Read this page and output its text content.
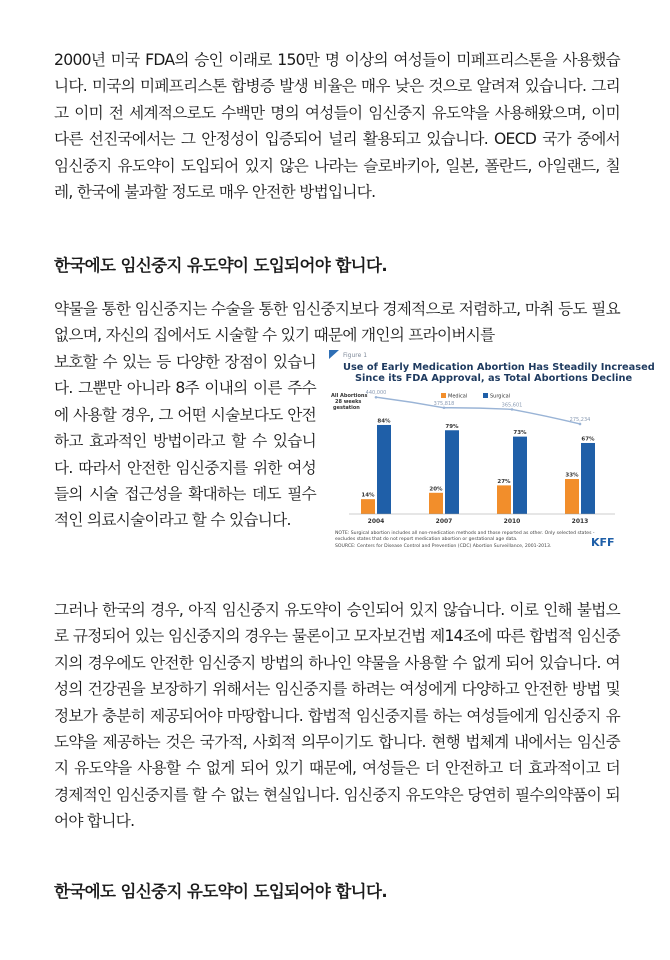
2000년 미국 FDA의 승인 이래로 150만 명 이상의 여성들이 미페프리스톤을 사용했습니다. 미국의 미페프리스톤 합병증 발생 비율은 매우 낮은 것으로 알려져 있습니다. 그리고 이미 전 세계적으로도 수백만 명의 여성들이 임신중지 유도약을 사용해왔으며, 이미 다른 선진국에서는 그 안정성이 입증되어 널리 활용되고 있습니다. OECD 국가 중에서 임신중지 유도약이 도입되어 있지 않은 나라는 슬로바키아, 일본, 폴란드, 아일랜드, 칠레, 한국에 불과할 정도로 매우 안전한 방법입니다.

한국에도 임신중지 유도약이 도입되어야 합니다.

약물을 통한 임신중지는 수술을 통한 임신중지보다 경제적으로 저렴하고, 마취 등도 필요 없으며, 자신의 집에서도 시술할 수 있기 때문에 개인의 프라이버시를

보호할 수 있는 등 다양한 장점이 있습니다. 그뿐만 아니라 8주 이내의 이른 주수에 사용할 경우, 그 어떤 시술보다도 안전하고 효과적인 방법이라고 할 수 있습니다. 따라서 안전한 임신중지를 위한 여성들의 시술 접근성을 확대하는 데도 필수적인 의료시술이라고 할 수 있습니다.

Figure 1
Use of Early Medication Abortion Has Steadily Increased
Since its FDA Approval, as Total Abortions Decline
All Abortions
28 weeks
gestation
Medical	Surgical
14%
84%
20%
79%
27%
73%
33%
67%
440,000
375,818	365,601
275,234
2004	2007	2010	2013
NOTE: Surgical abortion includes all non-medication methods and those reported as other. Only selected states -
excludes states that do not report medication abortion or gestational age data.
SOURCE: Centers for Disease Control and Prevention (CDC) Abortion Surveillance, 2001-2013.	KFF

그러나 한국의 경우, 아직 임신중지 유도약이 승인되어 있지 않습니다. 이로 인해 불법으로 규정되어 있는 임신중지의 경우는 물론이고 모자보건법 제14조에 따른 합법적 임신중지의 경우에도 안전한 임신중지 방법의 하나인 약물을 사용할 수 없게 되어 있습니다. 여성의 건강권을 보장하기 위해서는 임신중지를 하려는 여성에게 다양하고 안전한 방법 및 정보가 충분히 제공되어야 마땅합니다. 합법적 임신중지를 하는 여성들에게 임신중지 유도약을 제공하는 것은 국가적, 사회적 의무이기도 합니다. 현행 법체계 내에서는 임신중지 유도약을 사용할 수 없게 되어 있기 때문에, 여성들은 더 안전하고 더 효과적이고 더 경제적인 임신중지를 할 수 없는 현실입니다. 임신중지 유도약은 당연히 필수의약품이 되어야 합니다.

한국에도 임신중지 유도약이 도입되어야 합니다.
